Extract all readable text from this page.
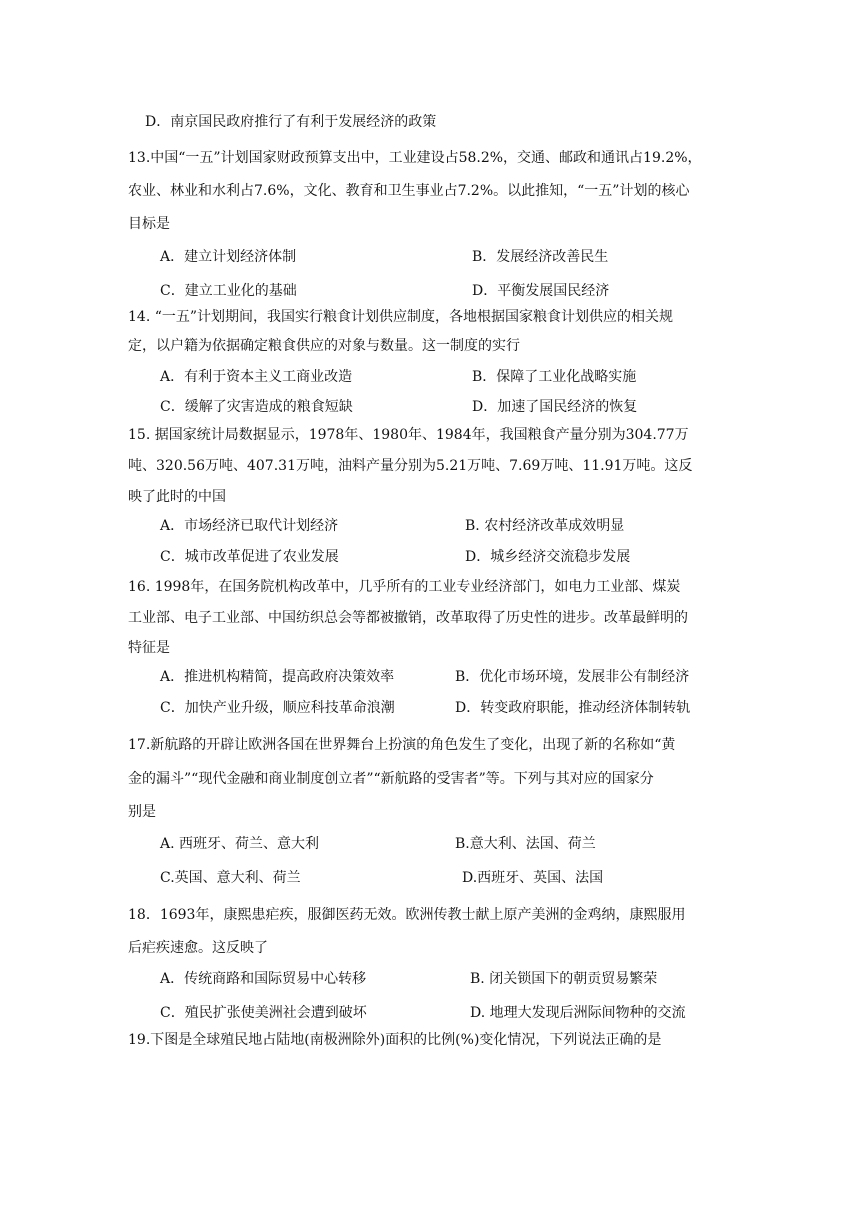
D．南京国民政府推行了有利于发展经济的政策
13.中国“一五”计划国家财政预算支出中，工业建设占58.2%，交通、邮政和通讯占19.2%，
农业、林业和水利占7.6%，文化、教育和卫生事业占7.2%。以此推知，“一五”计划的核心
目标是
A．建立计划经济体制	B．发展经济改善民生
C．建立工业化的基础	D．平衡发展国民经济
14. “一五”计划期间，我国实行粮食计划供应制度，各地根据国家粮食计划供应的相关规
定，以户籍为依据确定粮食供应的对象与数量。这一制度的实行
A．有利于资本主义工商业改造	B．保障了工业化战略实施
C．缓解了灾害造成的粮食短缺	D．加速了国民经济的恢复
15. 据国家统计局数据显示，1978年、1980年、1984年，我国粮食产量分别为304.77万
吨、320.56万吨、407.31万吨，油料产量分别为5.21万吨、7.69万吨、11.91万吨。这反
映了此时的中国
A．市场经济已取代计划经济	B. 农村经济改革成效明显
C．城市改革促进了农业发展	D．城乡经济交流稳步发展
16. 1998年，在国务院机构改革中，几乎所有的工业专业经济部门，如电力工业部、煤炭
工业部、电子工业部、中国纺织总会等都被撤销，改革取得了历史性的进步。改革最鲜明的
特征是
A．推进机构精简，提高政府决策效率	B．优化市场环境，发展非公有制经济
C．加快产业升级，顺应科技革命浪潮	D．转变政府职能，推动经济体制转轨
17.新航路的开辟让欧洲各国在世界舞台上扮演的角色发生了变化，出现了新的名称如“黄
金的漏斗”“现代金融和商业制度创立者”“新航路的受害者”等。下列与其对应的国家分
别是
A. 西班牙、荷兰、意大利	B.意大利、法国、荷兰
C.英国、意大利、荷兰	D.西班牙、英国、法国
18．1693年，康熙患疟疾，服御医药无效。欧洲传教士献上原产美洲的金鸡纳，康熙服用
后疟疾速愈。这反映了
A．传统商路和国际贸易中心转移	B. 闭关锁国下的朝贡贸易繁荣
C．殖民扩张使美洲社会遭到破坏	D. 地理大发现后洲际间物种的交流
19.下图是全球殖民地占陆地(南极洲除外)面积的比例(%)变化情况，下列说法正确的是
